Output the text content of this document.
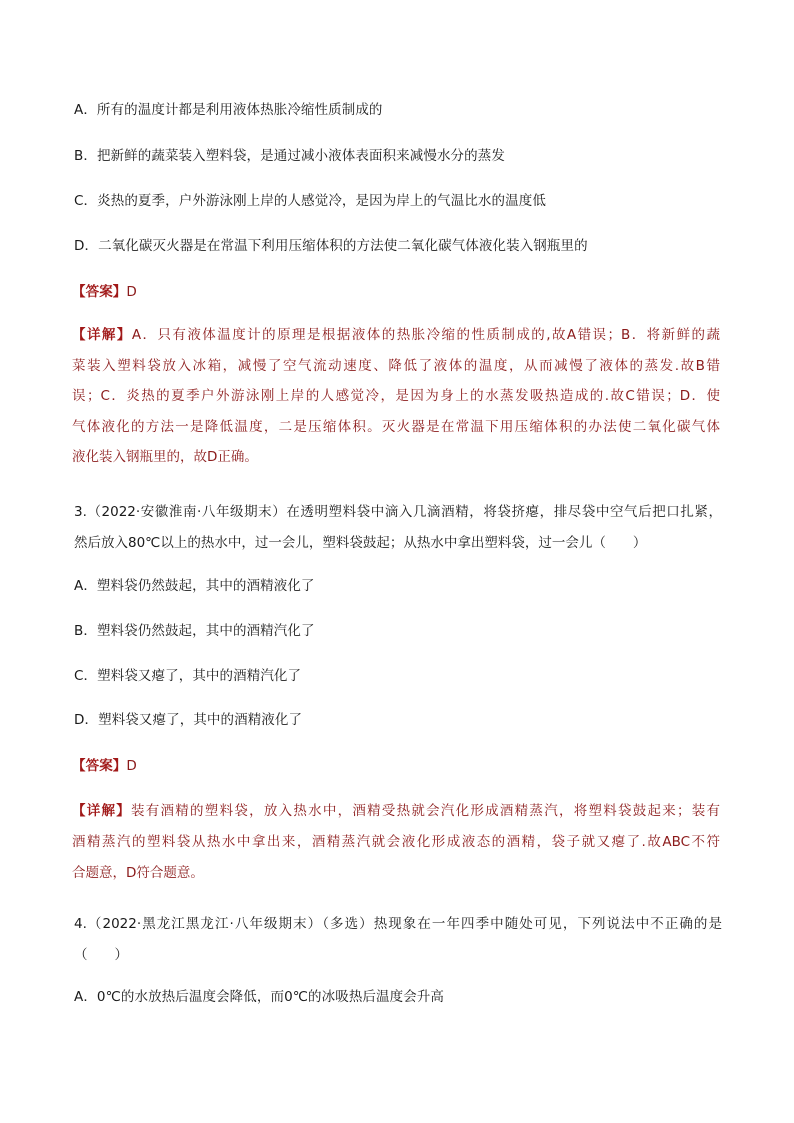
A．所有的温度计都是利用液体热胀冷缩性质制成的
B．把新鲜的蔬菜装入塑料袋，是通过减小液体表面积来减慢水分的蒸发
C．炎热的夏季，户外游泳刚上岸的人感觉冷，是因为岸上的气温比水的温度低
D．二氧化碳灭火器是在常温下利用压缩体积的方法使二氧化碳气体液化装入钢瓶里的
【答案】D
【详解】A．只有液体温度计的原理是根据液体的热胀冷缩的性质制成的,故A错误；B．将新鲜的蔬
菜装入塑料袋放入冰箱，减慢了空气流动速度、降低了液体的温度，从而减慢了液体的蒸发.故B错
误；C．炎热的夏季户外游泳刚上岸的人感觉冷，是因为身上的水蒸发吸热造成的.故C错误；D．使
气体液化的方法一是降低温度，二是压缩体积。灭火器是在常温下用压缩体积的办法使二氧化碳气体
液化装入钢瓶里的，故D正确。
3.（2022·安徽淮南·八年级期末）在透明塑料袋中滴入几滴酒精，将袋挤瘪，排尽袋中空气后把口扎紧，
然后放入80℃以上的热水中，过一会儿，塑料袋鼓起；从热水中拿出塑料袋，过一会儿（　　）
A．塑料袋仍然鼓起，其中的酒精液化了
B．塑料袋仍然鼓起，其中的酒精汽化了
C．塑料袋又瘪了，其中的酒精汽化了
D．塑料袋又瘪了，其中的酒精液化了
【答案】D
【详解】装有酒精的塑料袋，放入热水中，酒精受热就会汽化形成酒精蒸汽，将塑料袋鼓起来；装有
酒精蒸汽的塑料袋从热水中拿出来，酒精蒸汽就会液化形成液态的酒精，袋子就又瘪了.故ABC不符
合题意，D符合题意。
4.（2022·黑龙江黑龙江·八年级期末）（多选）热现象在一年四季中随处可见，下列说法中不正确的是
（　　）
A．0℃的水放热后温度会降低，而0℃的冰吸热后温度会升高
